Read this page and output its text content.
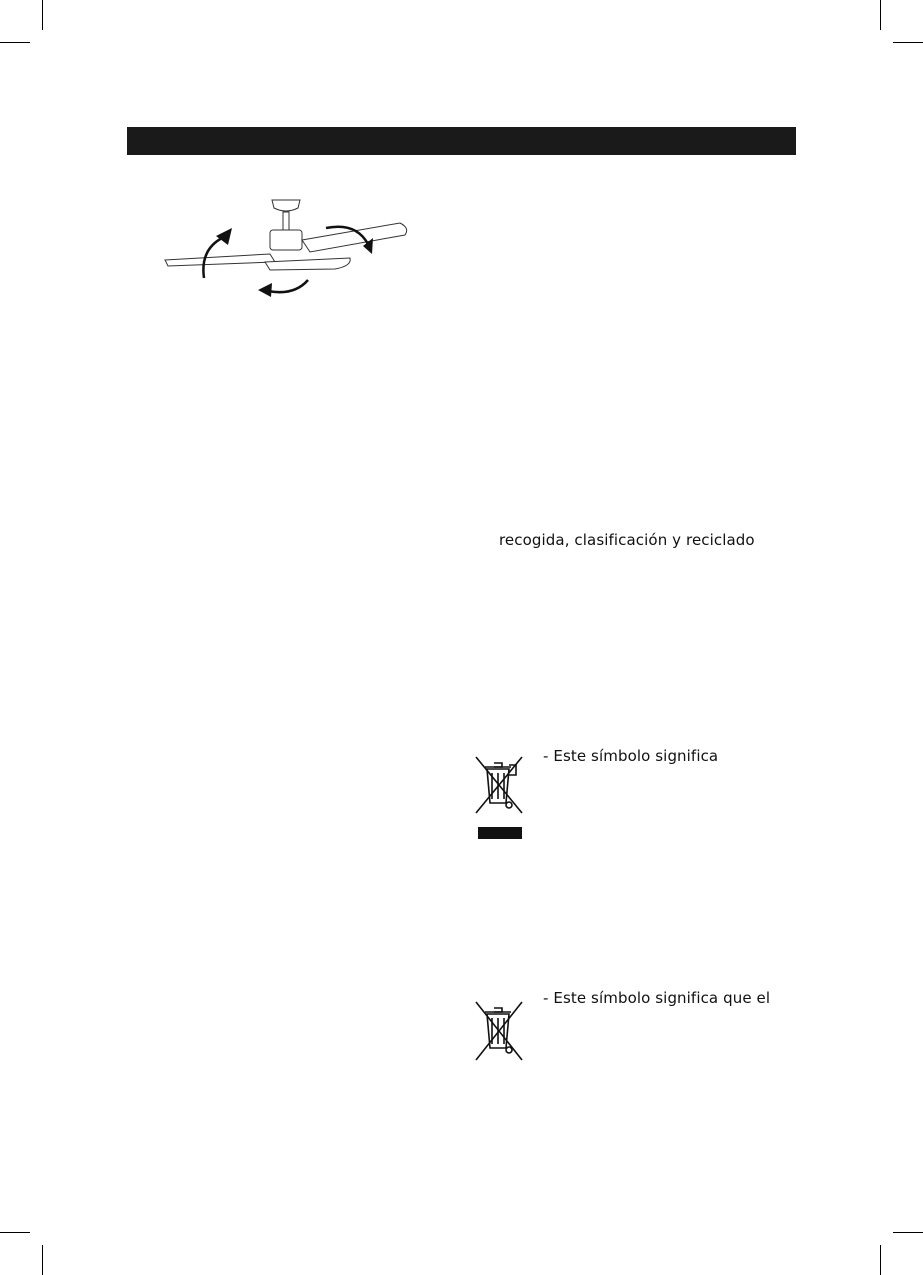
recogida, clasificación y reciclado
- Este símbolo significa
- Este símbolo significa que el
